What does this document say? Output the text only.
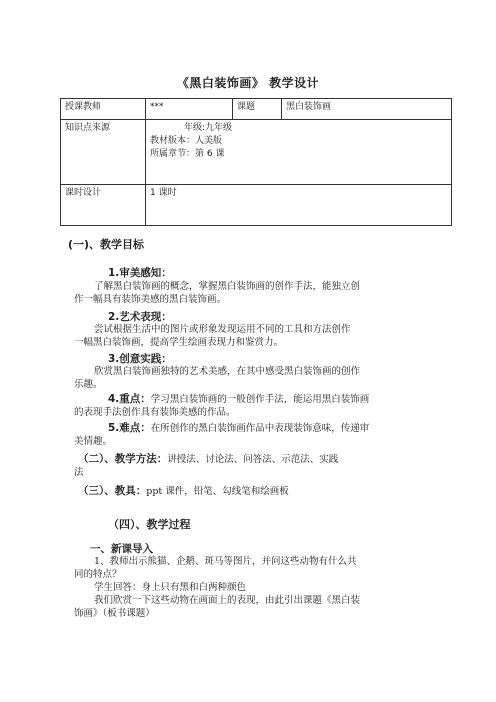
《黑白装饰画》 教学设计
授课教师	***	课题	黑白装饰画
知识点来源	年级:九年级
教材版本：人美版
所属章节：第 6 课		

课时设计	1 课时		
(一)、教学目标
1.审美感知：
了解黑白装饰画的概念，掌握黑白装饰画的创作手法，能独立创
作一幅具有装饰美感的黑白装饰画。
2.艺术表现：
尝试根据生活中的图片或形象发现运用不同的工具和方法创作
一幅黑白装饰画，提高学生绘画表现力和鉴赏力。
3.创意实践：
欣赏黑白装饰画独特的艺术美感，在其中感受黑白装饰画的创作
乐趣。
4.重点：学习黑白装饰画的一般创作手法，能运用黑白装饰画
的表现手法创作具有装饰美感的作品。
5.难点：在所创作的黑白装饰画作品中表现装饰意味，传递审
美情趣。
（二）、教学方法：讲授法、讨论法、问答法、示范法、实践
法
（三）、教具：ppt 课件，铅笔、勾线笔和绘画板
（四）、教学过程
一、新课导入
1、教师出示熊猫、企鹅、斑马等图片，并问这些动物有什么共
同的特点？
学生回答：身上只有黑和白两种颜色
我们欣赏一下这些动物在画面上的表现，由此引出课题《黑白装
饰画》（板书课题）
